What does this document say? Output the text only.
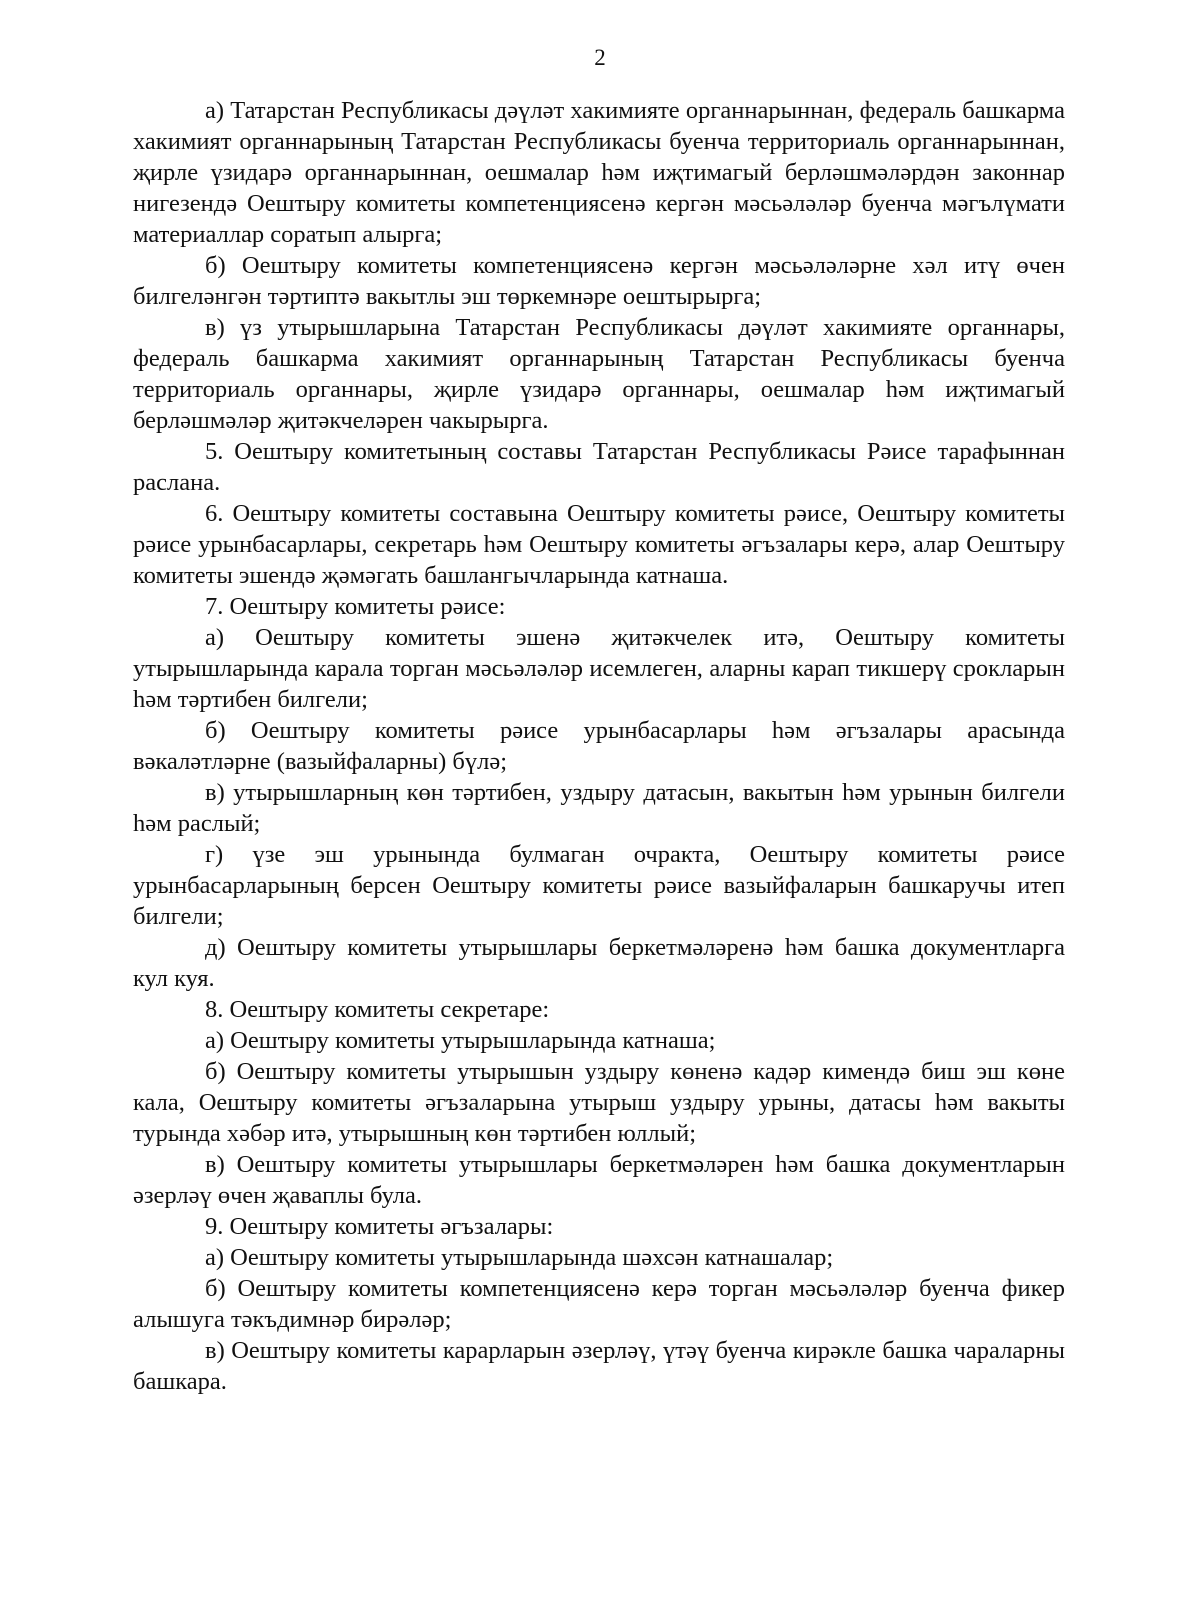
2

а) Татарстан Республикасы дәүләт хакимияте органнарыннан, федераль башкарма хакимият органнарының Татарстан Республикасы буенча территориаль органнарыннан, җирле үзидарә органнарыннан, оешмалар һәм иҗтимагый берләшмәләрдән законнар нигезендә Оештыру комитеты компетенциясенә кергән мәсьәләләр буенча мәгълүмати материаллар соратып алырга;

б) Оештыру комитеты компетенциясенә кергән мәсьәләләрне хәл итү өчен билгеләнгән тәртиптә вакытлы эш төркемнәре оештырырга;

в) үз утырышларына Татарстан Республикасы дәүләт хакимияте органнары, федераль башкарма хакимият органнарының Татарстан Республикасы буенча территориаль органнары, җирле үзидарә органнары, оешмалар һәм иҗтимагый берләшмәләр җитәкчеләрен чакырырга.

5. Оештыру комитетының составы Татарстан Республикасы Рәисе тарафыннан раслана.

6. Оештыру комитеты составына Оештыру комитеты рәисе, Оештыру комитеты рәисе урынбасарлары, секретарь һәм Оештыру комитеты әгъзалары керә, алар Оештыру комитеты эшендә җәмәгать башлангычларында катнаша.

7. Оештыру комитеты рәисе:

а) Оештыру комитеты эшенә җитәкчелек итә, Оештыру комитеты утырышларында карала торган мәсьәләләр исемлеген, аларны карап тикшерү срокларын һәм тәртибен билгели;

б) Оештыру комитеты рәисе урынбасарлары һәм әгъзалары арасында вәкаләтләрне (вазыйфаларны) бүлә;

в) утырышларның көн тәртибен, уздыру датасын, вакытын һәм урынын билгели һәм раслый;

г) үзе эш урынында булмаган очракта, Оештыру комитеты рәисе урынбасарларының берсен Оештыру комитеты рәисе вазыйфаларын башкаручы итеп билгели;

д) Оештыру комитеты утырышлары беркетмәләренә һәм башка документларга кул куя.

8. Оештыру комитеты секретаре:

а) Оештыру комитеты утырышларында катнаша;

б) Оештыру комитеты утырышын уздыру көненә кадәр кимендә биш эш көне кала, Оештыру комитеты әгъзаларына утырыш уздыру урыны, датасы һәм вакыты турында хәбәр итә, утырышның көн тәртибен юллый;

в) Оештыру комитеты утырышлары беркетмәләрен һәм башка документларын әзерләү өчен җаваплы була.

9. Оештыру комитеты әгъзалары:

а) Оештыру комитеты утырышларында шәхсән катнашалар;

б) Оештыру комитеты компетенциясенә керә торган мәсьәләләр буенча фикер алышуга тәкъдимнәр бирәләр;

в) Оештыру комитеты карарларын әзерләү, үтәү буенча кирәкле башка чараларны башкара.
